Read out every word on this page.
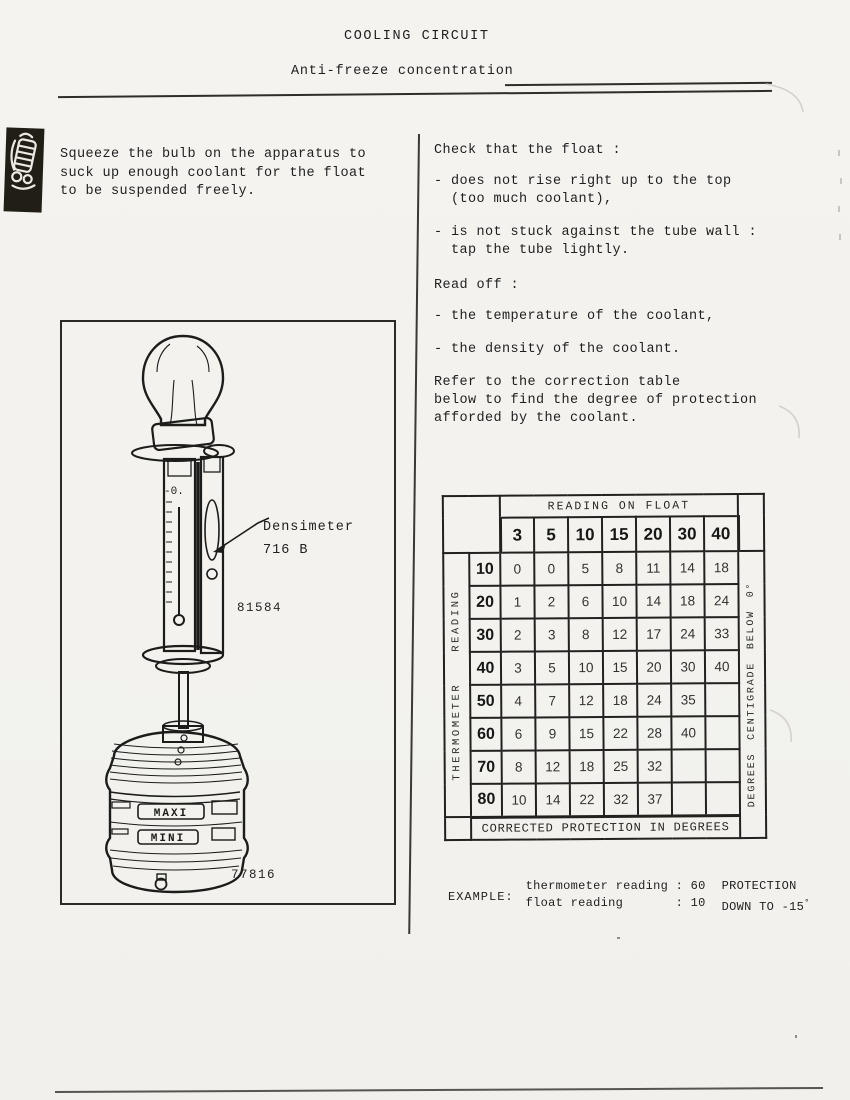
COOLING CIRCUIT
Anti-freeze concentration
Squeeze the bulb on the apparatus to
suck up enough coolant for the float
to be suspended freely.
-0.
MAXI
MINI
Densimeter
716 B
81584
77816
Check that the float :
- does not rise right up to the top
(too much coolant),
- is not stuck against the tube wall :
tap the tube lightly.
Read off :
- the temperature of the coolant,
- the density of the coolant.
Refer to the correction table
below to find the degree of protection
afforded by the coolant.
		READING ON FLOAT							
		3	5	10	15	20	30	40	

THERMOMETER READING	10	0	0	5	8	11	14	18	DEGREES CENTIGRADE BELOW 0°

	20	1	2	6	10	14	18	24	
	30	2	3	8	12	17	24	33	
	40	3	5	10	15	20	30	40	
	50	4	7	12	18	24	35		
	60	6	9	15	22	28	40		
	70	8	12	18	25	32			
	80	10	14	22	32	37			
	CORRECTED PROTECTION IN DEGREES								
EXAMPLE:
thermometer reading : 60 PROTECTION
float reading       : 10 DOWN TO -15°
